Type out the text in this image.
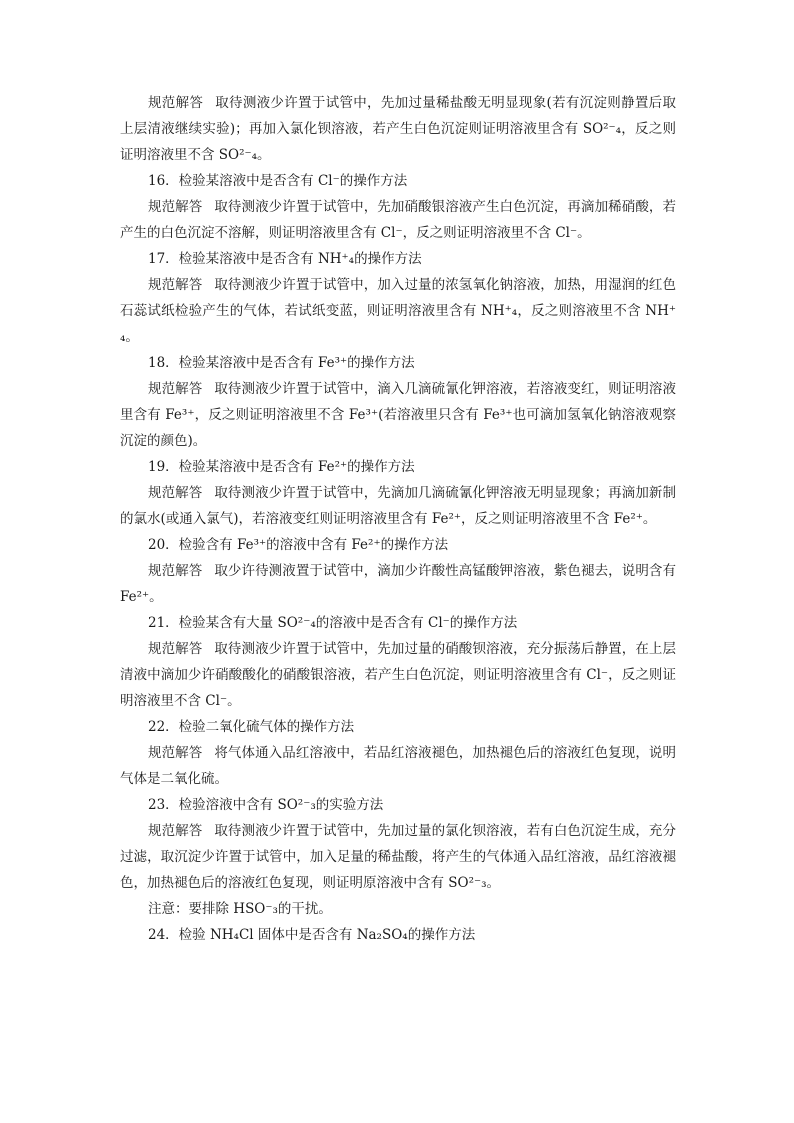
规范解答 取待测液少许置于试管中，先加过量稀盐酸无明显现象(若有沉淀则静置后取上层清液继续实验)；再加入氯化钡溶液，若产生白色沉淀则证明溶液里含有 SO²⁻₄，反之则证明溶液里不含 SO²⁻₄。

16．检验某溶液中是否含有 Cl⁻的操作方法

规范解答 取待测液少许置于试管中，先加硝酸银溶液产生白色沉淀，再滴加稀硝酸，若产生的白色沉淀不溶解，则证明溶液里含有 Cl⁻，反之则证明溶液里不含 Cl⁻。

17．检验某溶液中是否含有 NH⁺₄的操作方法

规范解答 取待测液少许置于试管中，加入过量的浓氢氧化钠溶液，加热，用湿润的红色石蕊试纸检验产生的气体，若试纸变蓝，则证明溶液里含有 NH⁺₄，反之则溶液里不含 NH⁺₄。

18．检验某溶液中是否含有 Fe³⁺的操作方法

规范解答 取待测液少许置于试管中，滴入几滴硫氰化钾溶液，若溶液变红，则证明溶液里含有 Fe³⁺，反之则证明溶液里不含 Fe³⁺(若溶液里只含有 Fe³⁺也可滴加氢氧化钠溶液观察沉淀的颜色)。

19．检验某溶液中是否含有 Fe²⁺的操作方法

规范解答 取待测液少许置于试管中，先滴加几滴硫氰化钾溶液无明显现象；再滴加新制的氯水(或通入氯气)，若溶液变红则证明溶液里含有 Fe²⁺，反之则证明溶液里不含 Fe²⁺。

20．检验含有 Fe³⁺的溶液中含有 Fe²⁺的操作方法

规范解答 取少许待测液置于试管中，滴加少许酸性高锰酸钾溶液，紫色褪去，说明含有 Fe²⁺。

21．检验某含有大量 SO²⁻₄的溶液中是否含有 Cl⁻的操作方法

规范解答 取待测液少许置于试管中，先加过量的硝酸钡溶液，充分振荡后静置，在上层清液中滴加少许硝酸酸化的硝酸银溶液，若产生白色沉淀，则证明溶液里含有 Cl⁻，反之则证明溶液里不含 Cl⁻。

22．检验二氧化硫气体的操作方法

规范解答 将气体通入品红溶液中，若品红溶液褪色，加热褪色后的溶液红色复现，说明气体是二氧化硫。

23．检验溶液中含有 SO²⁻₃的实验方法

规范解答 取待测液少许置于试管中，先加过量的氯化钡溶液，若有白色沉淀生成，充分过滤，取沉淀少许置于试管中，加入足量的稀盐酸，将产生的气体通入品红溶液，品红溶液褪色，加热褪色后的溶液红色复现，则证明原溶液中含有 SO²⁻₃。

注意：要排除 HSO⁻₃的干扰。

24．检验 NH₄Cl 固体中是否含有 Na₂SO₄的操作方法
